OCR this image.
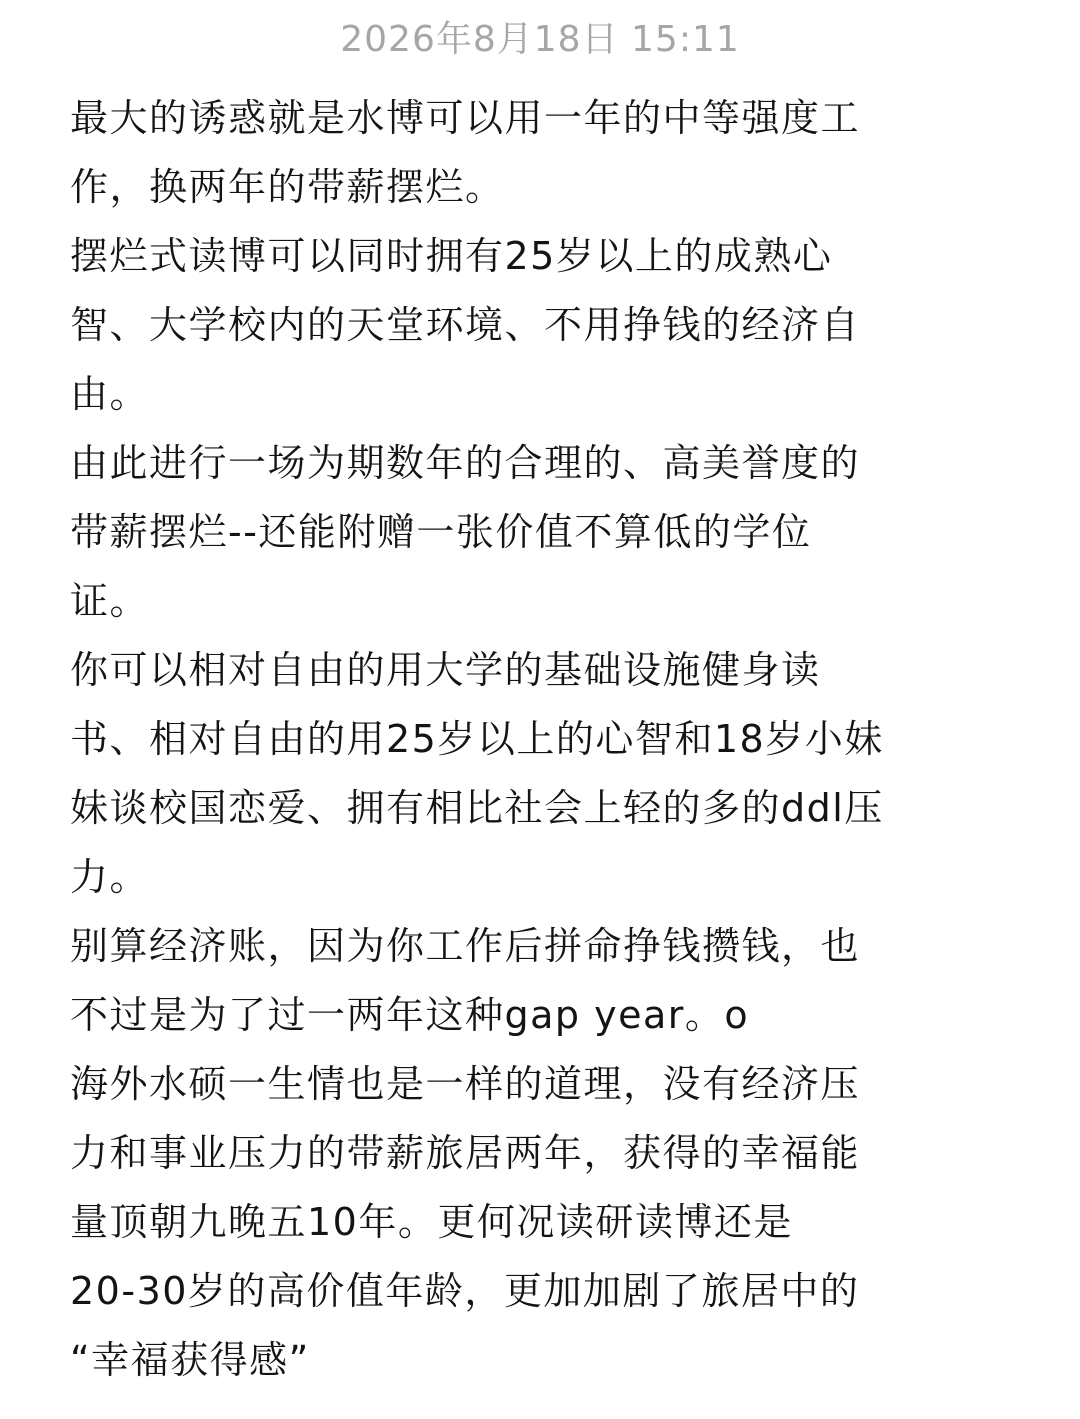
2026年8月18日 15:11
最大的诱惑就是水博可以用一年的中等强度工
作，换两年的带薪摆烂。
摆烂式读博可以同时拥有25岁以上的成熟心
智、大学校内的天堂环境、不用挣钱的经济自
由。
由此进行一场为期数年的合理的、高美誉度的
带薪摆烂--还能附赠一张价值不算低的学位
证。
你可以相对自由的用大学的基础设施健身读
书、相对自由的用25岁以上的心智和18岁小妹
妹谈校国恋爱、拥有相比社会上轻的多的ddl压
力。
别算经济账，因为你工作后拼命挣钱攒钱，也
不过是为了过一两年这种gap year。o
海外水硕一生情也是一样的道理，没有经济压
力和事业压力的带薪旅居两年，获得的幸福能
量顶朝九晚五10年。更何况读研读博还是
20-30岁的高价值年龄，更加加剧了旅居中的
“幸福获得感”
